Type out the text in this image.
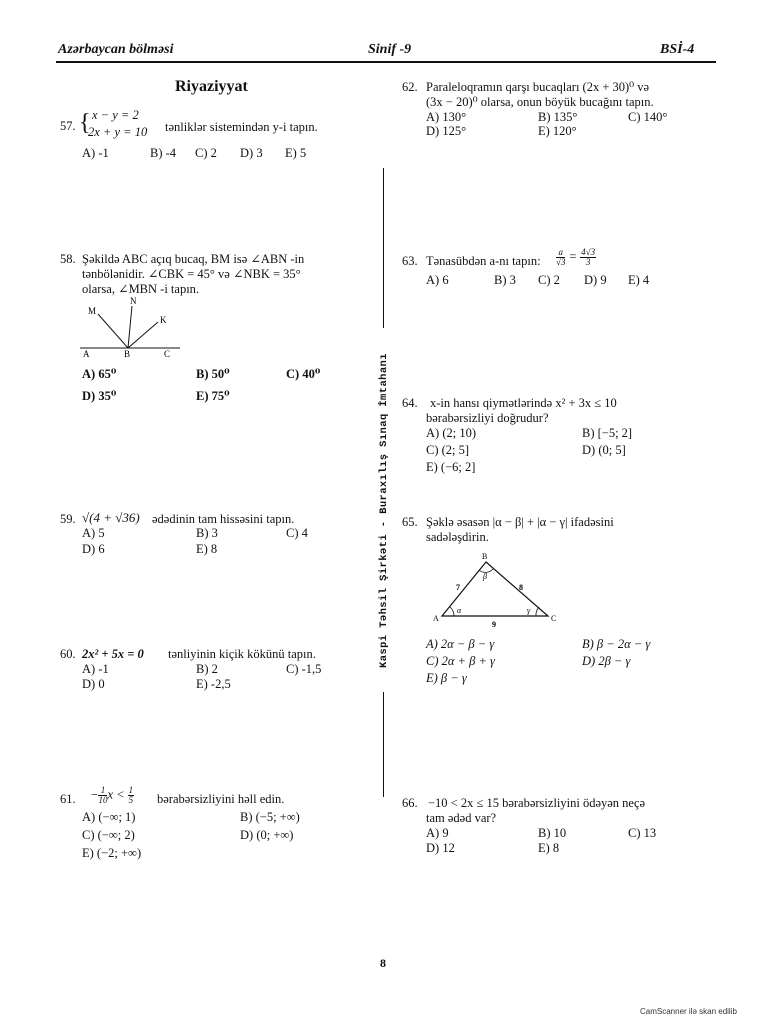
Azərbaycan bölməsi	Sinif -9	BSİ-4
Kaspi Təhsil Şirkəti - Buraxılış Sınaq İmtahanı
Riyaziyyat
57. { x − y = 2
2x + y = 10 tənliklər sistemindən y-i tapın.
A) -1	B) -4 C) 2 D) 3 E) 5
58. Şəkildə ABC açıq bucaq, BM isə ∠ABN -in
tənbölənidir. ∠CBK = 45° və ∠NBK = 35°
olarsa, ∠MBN -i tapın.
M
N
K
A	B	C
A) 65⁰	B) 50⁰	C) 40⁰
D) 35⁰	E) 75⁰
59. √(4 + √36) ədədinin tam hissəsini tapın.
A) 5	B) 3	C) 4
D) 6	E) 8
60. 2x² + 5x = 0 tənliyinin kiçik kökünü tapın.
A) -1	B) 2	C) -1,5
D) 0	E) -2,5
61. − $\frac{1}{10}$ $x < \frac{1}{5}$ bərabərsizliyini həll edin.
A) (−∞; 1)	B) (−5; +∞)
C) (−∞; 2)	D) (0; +∞)
E) (−2; +∞)
62. Paraleloqramın qarşı bucaqları (2x + 30)⁰ və
(3x − 20)⁰ olarsa, onun böyük bucağını tapın.
A) 130°	B) 135°	C) 140°
D) 125°	E) 120°
63. Tənasübdən a-nı tapın: $\frac{a}{√3} = \frac{4√3}{3}$
A) 6	B) 3 C) 2 D) 9 E) 4
64. x-in hansı qiymətlərində x² + 3x ≤ 10
bərabərsizliyi doğrudur?
A) (2; 10)	B) [−5; 2]
C) (2; 5]	D) (0; 5]
E) (−6; 2]
65. Şəklə əsasən |α − β| + |α − γ| ifadəsini
sadələşdirin.
B
A	C
β
α	γ
7	8
9
A) 2α − β − γ	B) β − 2α − γ
C) 2α + β + γ	D) 2β − γ
E) β − γ
66. −10 < 2x ≤ 15 bərabərsizliyini ödəyən neçə
tam ədəd var?
A) 9	B) 10	C) 13
D) 12	E) 8
8
CamScanner ilə skan edilib
